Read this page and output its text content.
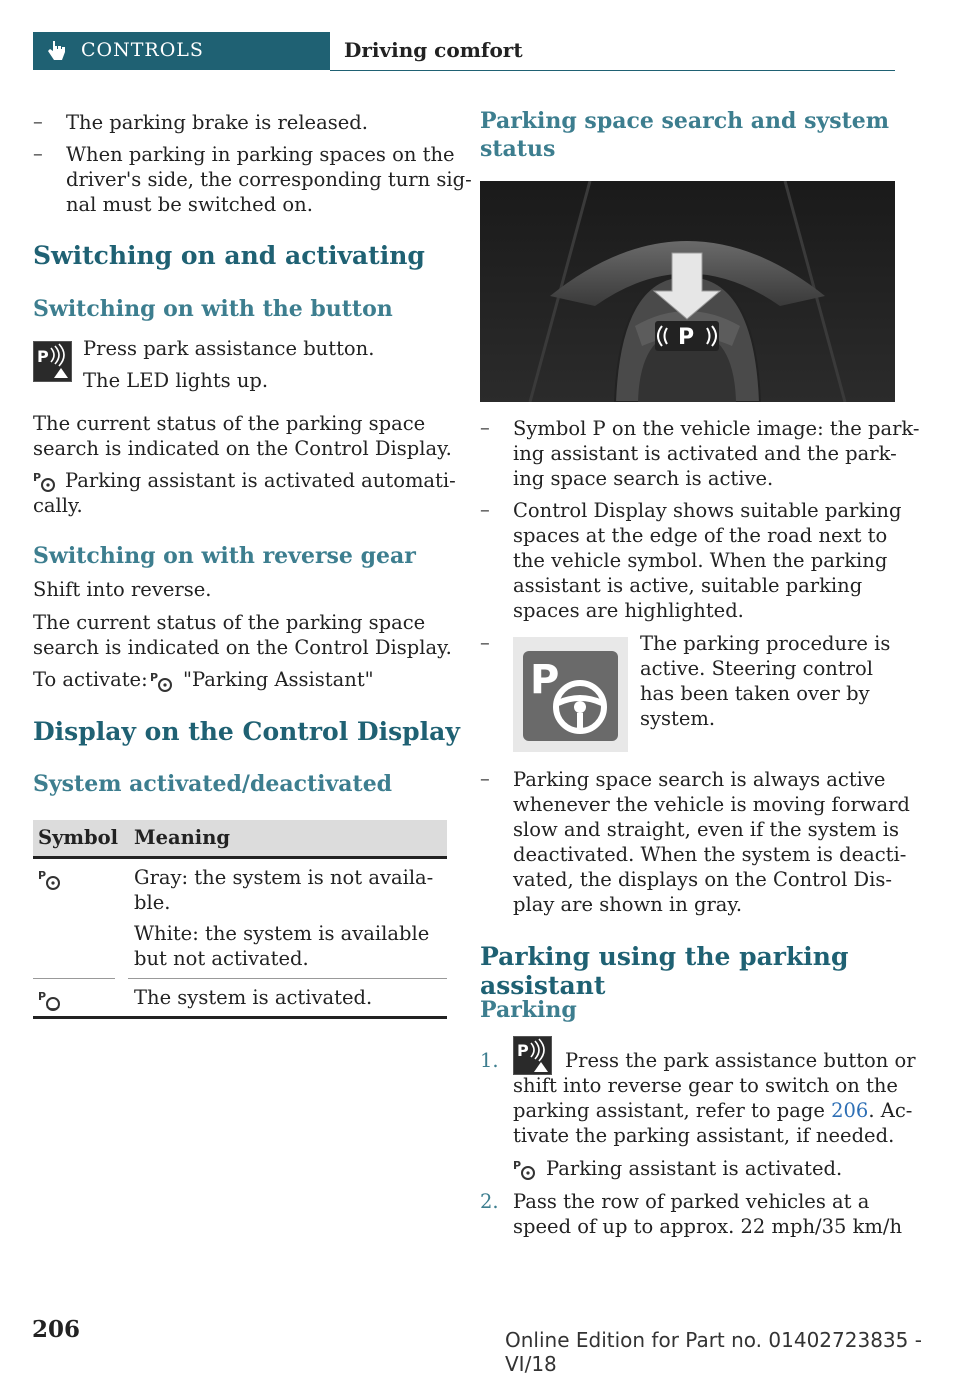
CONTROLS	Driving comfort
– The parking brake is released.

– When parking in parking spaces on the

driver's side, the corresponding turn sig-

nal must be switched on.

Switching on and activating
Switching on with the button
P Press park assistance button.

The LED lights up.

The current status of the parking space

search is indicated on the Control Display.

P Parking assistant is activated automati-

cally.

Switching on with reverse gear

Shift into reverse.

The current status of the parking space

search is indicated on the Control Display.

To activate: P "Parking Assistant"

Display on the Control Display
System activated/deactivated
Symbol Meaning
P	Gray: the system is not availa-

ble.

White: the system is available

but not activated.

P	The system is activated.

Parking space search and system
status
P
– Symbol P on the vehicle image: the park-

ing assistant is activated and the park-

ing space search is active.

– Control Display shows suitable parking

spaces at the edge of the road next to

the vehicle symbol. When the parking

assistant is active, suitable parking

spaces are highlighted.

–
P

The parking procedure is

active. Steering control

has been taken over by

system.

– Parking space search is always active

whenever the vehicle is moving forward

slow and straight, even if the system is

deactivated. When the system is deacti-

vated, the displays on the Control Dis-

play are shown in gray.

Parking using the parking assistant
Parking
1. P Press the park assistance button or

shift into reverse gear to switch on the

parking assistant, refer to page 206. Ac-

tivate the parking assistant, if needed.

P Parking assistant is activated.

2. Pass the row of parked vehicles at a

speed of up to approx. 22 mph/35 km/h

206	Online Edition for Part no. 01402723835 - VI/18
